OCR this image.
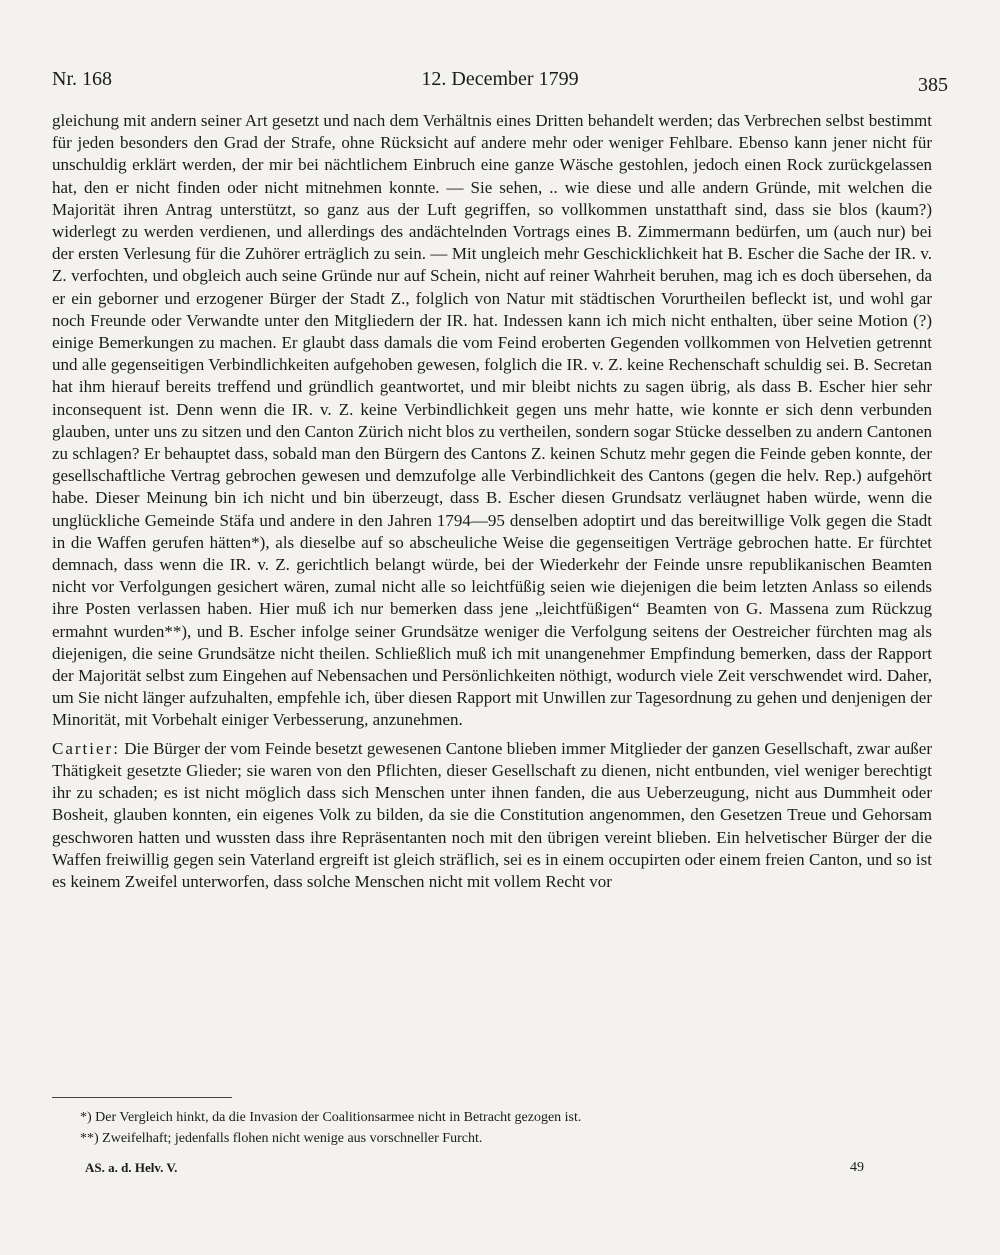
Nr. 168	12. December 1799	385

gleichung mit andern seiner Art gesetzt und nach dem Verhältnis eines Dritten behandelt werden; das Verbrechen selbst bestimmt für jeden besonders den Grad der Strafe, ohne Rücksicht auf andere mehr oder weniger Fehlbare. Ebenso kann jener nicht für unschuldig erklärt werden, der mir bei nächtlichem Einbruch eine ganze Wäsche gestohlen, jedoch einen Rock zurückgelassen hat, den er nicht finden oder nicht mitnehmen konnte. — Sie sehen, .. wie diese und alle andern Gründe, mit welchen die Majorität ihren Antrag unterstützt, so ganz aus der Luft gegriffen, so vollkommen unstatthaft sind, dass sie blos (kaum?) widerlegt zu werden verdienen, und allerdings des andächtelnden Vortrags eines B. Zimmermann bedürfen, um (auch nur) bei der ersten Verlesung für die Zuhörer erträglich zu sein. — Mit ungleich mehr Geschicklichkeit hat B. Escher die Sache der IR. v. Z. verfochten, und obgleich auch seine Gründe nur auf Schein, nicht auf reiner Wahrheit beruhen, mag ich es doch übersehen, da er ein geborner und erzogener Bürger der Stadt Z., folglich von Natur mit städtischen Vorurtheilen befleckt ist, und wohl gar noch Freunde oder Verwandte unter den Mitgliedern der IR. hat. Indessen kann ich mich nicht enthalten, über seine Motion (?) einige Bemerkungen zu machen. Er glaubt dass damals die vom Feind eroberten Gegenden vollkommen von Helvetien getrennt und alle gegenseitigen Verbindlichkeiten aufgehoben gewesen, folglich die IR. v. Z. keine Rechenschaft schuldig sei. B. Secretan hat ihm hierauf bereits treffend und gründlich geantwortet, und mir bleibt nichts zu sagen übrig, als dass B. Escher hier sehr inconsequent ist. Denn wenn die IR. v. Z. keine Verbindlichkeit gegen uns mehr hatte, wie konnte er sich denn verbunden glauben, unter uns zu sitzen und den Canton Zürich nicht blos zu vertheilen, sondern sogar Stücke desselben zu andern Cantonen zu schlagen? Er behauptet dass, sobald man den Bürgern des Cantons Z. keinen Schutz mehr gegen die Feinde geben konnte, der gesellschaftliche Vertrag gebrochen gewesen und demzufolge alle Verbindlichkeit des Cantons (gegen die helv. Rep.) aufgehört habe. Dieser Meinung bin ich nicht und bin überzeugt, dass B. Escher diesen Grundsatz verläugnet haben würde, wenn die unglückliche Gemeinde Stäfa und andere in den Jahren 1794—95 denselben adoptirt und das bereitwillige Volk gegen die Stadt in die Waffen gerufen hätten*), als dieselbe auf so abscheuliche Weise die gegenseitigen Verträge gebrochen hatte. Er fürchtet demnach, dass wenn die IR. v. Z. gerichtlich belangt würde, bei der Wiederkehr der Feinde unsre republikanischen Beamten nicht vor Verfolgungen gesichert wären, zumal nicht alle so leichtfüßig seien wie diejenigen die beim letzten Anlass so eilends ihre Posten verlassen haben. Hier muß ich nur bemerken dass jene „leichtfüßigen“ Beamten von G. Massena zum Rückzug ermahnt wurden**), und B. Escher infolge seiner Grundsätze weniger die Verfolgung seitens der Oestreicher fürchten mag als diejenigen, die seine Grundsätze nicht theilen. Schließlich muß ich mit unangenehmer Empfindung bemerken, dass der Rapport der Majorität selbst zum Eingehen auf Nebensachen und Persönlichkeiten nöthigt, wodurch viele Zeit verschwendet wird. Daher, um Sie nicht länger aufzuhalten, empfehle ich, über diesen Rapport mit Unwillen zur Tagesordnung zu gehen und denjenigen der Minorität, mit Vorbehalt einiger Verbesserung, anzunehmen.

Cartier: Die Bürger der vom Feinde besetzt gewesenen Cantone blieben immer Mitglieder der ganzen Gesellschaft, zwar außer Thätigkeit gesetzte Glieder; sie waren von den Pflichten, dieser Gesellschaft zu dienen, nicht entbunden, viel weniger berechtigt ihr zu schaden; es ist nicht möglich dass sich Menschen unter ihnen fanden, die aus Ueberzeugung, nicht aus Dummheit oder Bosheit, glauben konnten, ein eigenes Volk zu bilden, da sie die Constitution angenommen, den Gesetzen Treue und Gehorsam geschworen hatten und wussten dass ihre Repräsentanten noch mit den übrigen vereint blieben. Ein helvetischer Bürger der die Waffen freiwillig gegen sein Vaterland ergreift ist gleich sträflich, sei es in einem occupirten oder einem freien Canton, und so ist es keinem Zweifel unterworfen, dass solche Menschen nicht mit vollem Recht vor

*) Der Vergleich hinkt, da die Invasion der Coalitionsarmee nicht in Betracht gezogen ist.
**) Zweifelhaft; jedenfalls flohen nicht wenige aus vorschneller Furcht.
AS. a. d. Helv. V.	49
